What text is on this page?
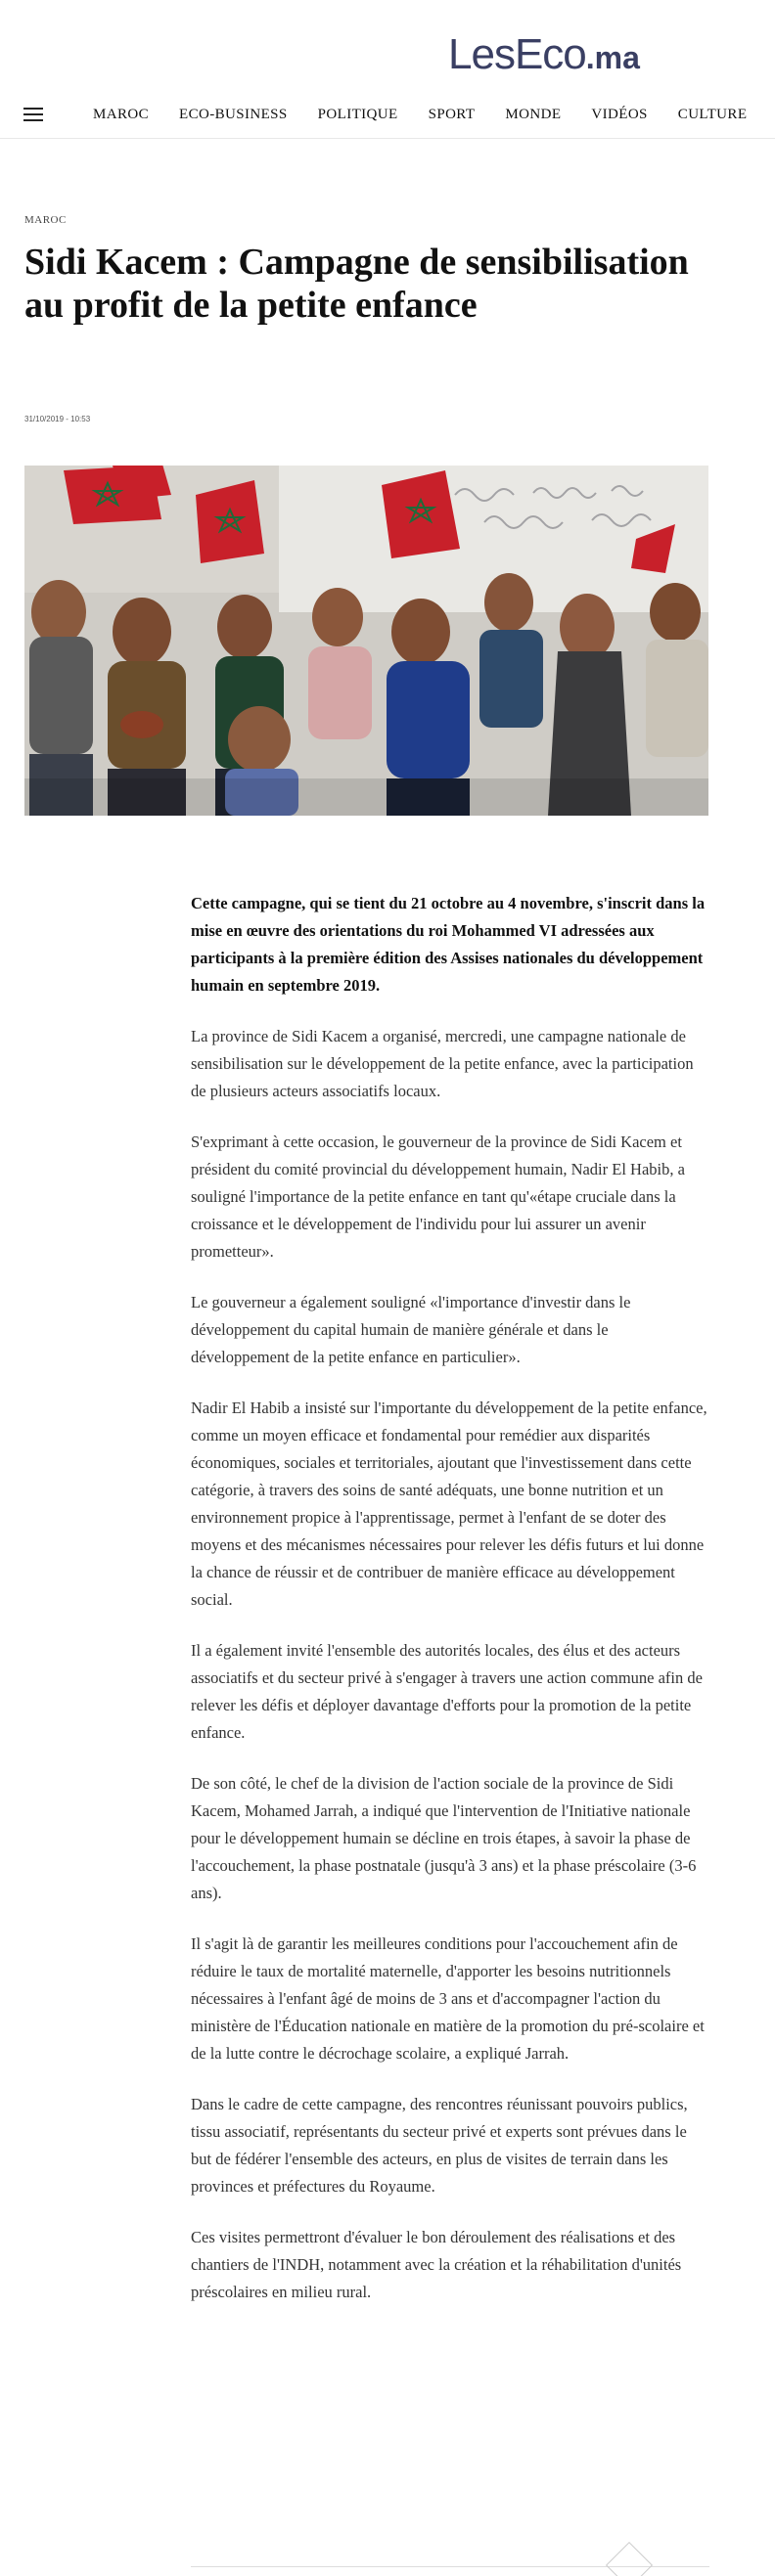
LesEco.ma
MAROC ECO-BUSINESS POLITIQUE SPORT MONDE VIDÉOS CULTURE
MAROC
Sidi Kacem : Campagne de sensibilisation au profit de la petite enfance
31/10/2019 - 10:53

Cette campagne, qui se tient du 21 octobre au 4 novembre, s'inscrit dans la mise en œuvre des orientations du roi Mohammed VI adressées aux participants à la première édition des Assises nationales du développement humain en septembre 2019.

La province de Sidi Kacem a organisé, mercredi, une campagne nationale de sensibilisation sur le développement de la petite enfance, avec la participation de plusieurs acteurs associatifs locaux.

S'exprimant à cette occasion, le gouverneur de la province de Sidi Kacem et président du comité provincial du développement humain, Nadir El Habib, a souligné l'importance de la petite enfance en tant qu'«étape cruciale dans la croissance et le développement de l'individu pour lui assurer un avenir prometteur».

Le gouverneur a également souligné «l'importance d'investir dans le développement du capital humain de manière générale et dans le développement de la petite enfance en particulier».

Nadir El Habib a insisté sur l'importante du développement de la petite enfance, comme un moyen efficace et fondamental pour remédier aux disparités économiques, sociales et territoriales, ajoutant que l'investissement dans cette catégorie, à travers des soins de santé adéquats, une bonne nutrition et un environnement propice à l'apprentissage, permet à l'enfant de se doter des moyens et des mécanismes nécessaires pour relever les défis futurs et lui donne la chance de réussir et de contribuer de manière efficace au développement social.

Il a également invité l'ensemble des autorités locales, des élus et des acteurs associatifs et du secteur privé à s'engager à travers une action commune afin de relever les défis et déployer davantage d'efforts pour la promotion de la petite enfance.

De son côté, le chef de la division de l'action sociale de la province de Sidi Kacem, Mohamed Jarrah, a indiqué que l'intervention de l'Initiative nationale pour le développement humain se décline en trois étapes, à savoir la phase de l'accouchement, la phase postnatale (jusqu'à 3 ans) et la phase préscolaire (3-6 ans).

Il s'agit là de garantir les meilleures conditions pour l'accouchement afin de réduire le taux de mortalité maternelle, d'apporter les besoins nutritionnels nécessaires à l'enfant âgé de moins de 3 ans et d'accompagner l'action du ministère de l'Éducation nationale en matière de la promotion du pré-scolaire et de la lutte contre le décrochage scolaire, a expliqué Jarrah.

Dans le cadre de cette campagne, des rencontres réunissant pouvoirs publics, tissu associatif, représentants du secteur privé et experts sont prévues dans le but de fédérer l'ensemble des acteurs, en plus de visites de terrain dans les provinces et préfectures du Royaume.

Ces visites permettront d'évaluer le bon déroulement des réalisations et des chantiers de l'INDH, notamment avec la création et la réhabilitation d'unités préscolaires en milieu rural.
